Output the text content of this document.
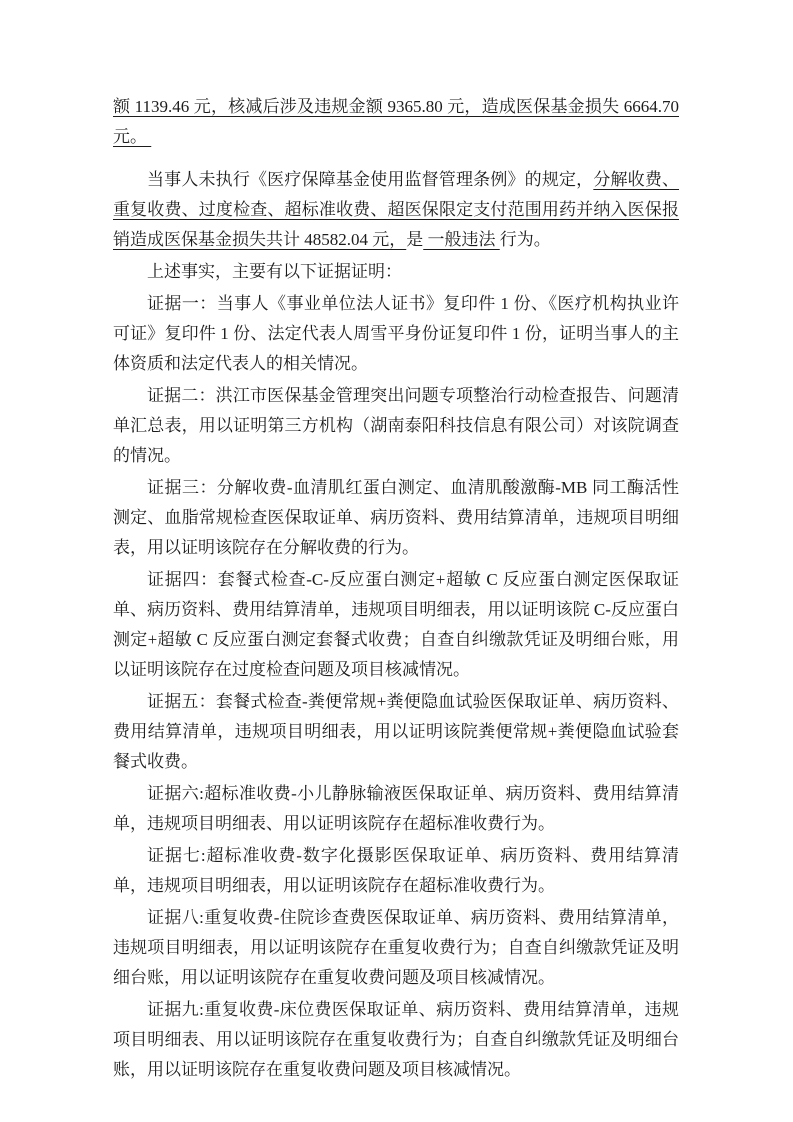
额 1139.46 元，核减后涉及违规金额 9365.80 元，造成医保基金损失 6664.70 元。

当事人未执行《医疗保障基金使用监督管理条例》的规定，分解收费、重复收费、过度检查、超标准收费、超医保限定支付范围用药并纳入医保报销造成医保基金损失共计 48582.04 元，是 一般违法 行为。

上述事实，主要有以下证据证明：

证据一：当事人《事业单位法人证书》复印件 1 份、《医疗机构执业许可证》复印件 1 份、法定代表人周雪平身份证复印件 1 份，证明当事人的主体资质和法定代表人的相关情况。

证据二：洪江市医保基金管理突出问题专项整治行动检查报告、问题清单汇总表，用以证明第三方机构（湖南泰阳科技信息有限公司）对该院调查的情况。

证据三：分解收费-血清肌红蛋白测定、血清肌酸激酶-MB 同工酶活性测定、血脂常规检查医保取证单、病历资料、费用结算清单，违规项目明细表，用以证明该院存在分解收费的行为。

证据四：套餐式检查-C-反应蛋白测定+超敏 C 反应蛋白测定医保取证单、病历资料、费用结算清单，违规项目明细表，用以证明该院 C-反应蛋白测定+超敏 C 反应蛋白测定套餐式收费；自查自纠缴款凭证及明细台账，用以证明该院存在过度检查问题及项目核减情况。

证据五：套餐式检查-粪便常规+粪便隐血试验医保取证单、病历资料、费用结算清单，违规项目明细表，用以证明该院粪便常规+粪便隐血试验套餐式收费。

证据六:超标准收费-小儿静脉输液医保取证单、病历资料、费用结算清单，违规项目明细表、用以证明该院存在超标准收费行为。

证据七:超标准收费-数字化摄影医保取证单、病历资料、费用结算清单，违规项目明细表，用以证明该院存在超标准收费行为。

证据八:重复收费-住院诊查费医保取证单、病历资料、费用结算清单，违规项目明细表，用以证明该院存在重复收费行为；自查自纠缴款凭证及明细台账，用以证明该院存在重复收费问题及项目核减情况。

证据九:重复收费-床位费医保取证单、病历资料、费用结算清单，违规项目明细表、用以证明该院存在重复收费行为；自查自纠缴款凭证及明细台账，用以证明该院存在重复收费问题及项目核减情况。
